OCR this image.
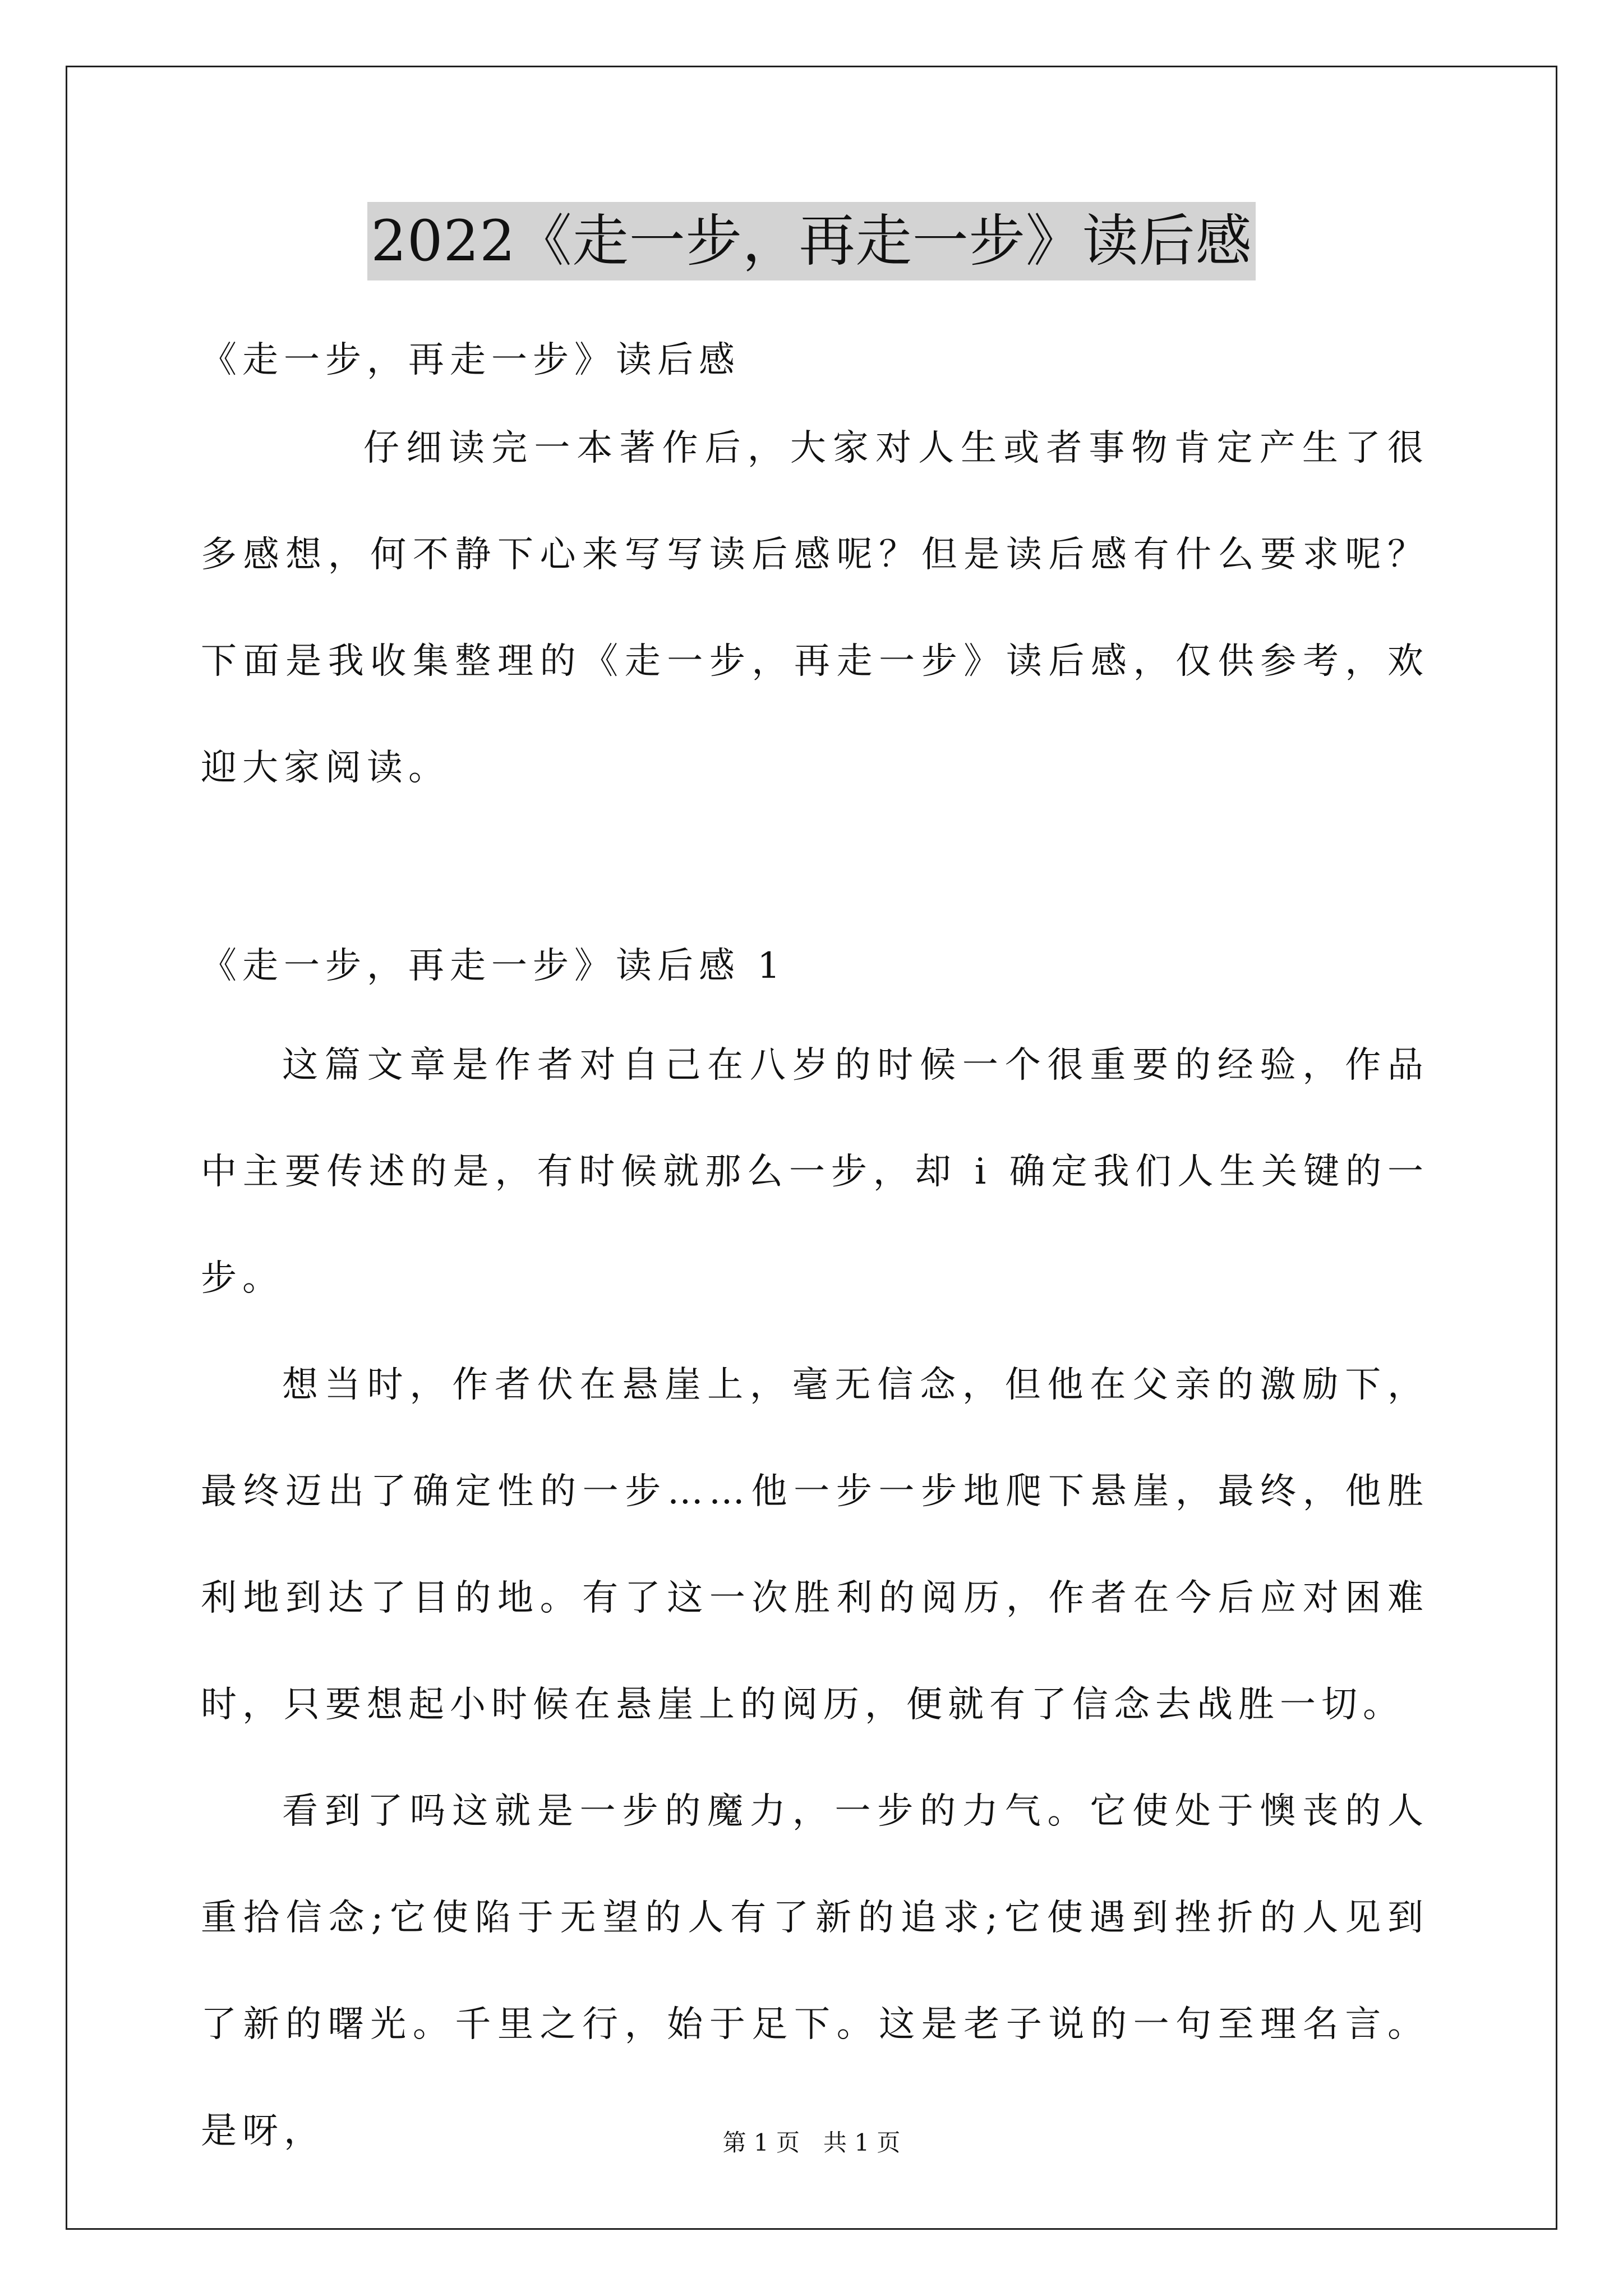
2022《走一步，再走一步》读后感

《走一步，再走一步》读后感

仔细读完一本著作后，大家对人生或者事物肯定产生了很多感想，何不静下心来写写读后感呢？但是读后感有什么要求呢？下面是我收集整理的《走一步，再走一步》读后感，仅供参考，欢迎大家阅读。

《走一步，再走一步》读后感 1

这篇文章是作者对自己在八岁的时候一个很重要的经验，作品中主要传述的是，有时候就那么一步，却 i 确定我们人生关键的一步。

想当时，作者伏在悬崖上，毫无信念，但他在父亲的激励下，最终迈出了确定性的一步……他一步一步地爬下悬崖，最终，他胜利地到达了目的地。有了这一次胜利的阅历，作者在今后应对困难时，只要想起小时候在悬崖上的阅历，便就有了信念去战胜一切。

看到了吗这就是一步的魔力，一步的力气。它使处于懊丧的人重拾信念;它使陷于无望的人有了新的追求;它使遇到挫折的人见到了新的曙光。千里之行，始于足下。这是老子说的一句至理名言。是呀，	第 1 页　共 1 页
